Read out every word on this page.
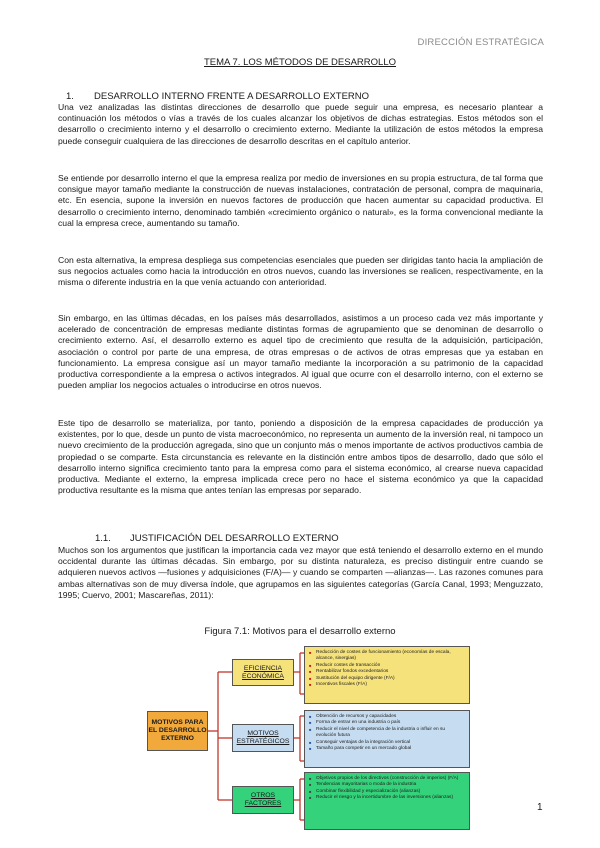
DIRECCIÓN ESTRATÉGICA
TEMA 7. LOS MÉTODOS DE DESARROLLO
1. DESARROLLO INTERNO FRENTE A DESARROLLO EXTERNO
Una vez analizadas las distintas direcciones de desarrollo que puede seguir una empresa, es necesario plantear a continuación los métodos o vías a través de los cuales alcanzar los objetivos de dichas estrategias. Estos métodos son el desarrollo o crecimiento interno y el desarrollo o crecimiento externo. Mediante la utilización de estos métodos la empresa puede conseguir cualquiera de las direcciones de desarrollo descritas en el capítulo anterior.
Se entiende por desarrollo interno el que la empresa realiza por medio de inversiones en su propia estructura, de tal forma que consigue mayor tamaño mediante la construcción de nuevas instalaciones, contratación de personal, compra de maquinaria, etc. En esencia, supone la inversión en nuevos factores de producción que hacen aumentar su capacidad productiva. El desarrollo o crecimiento interno, denominado también «crecimiento orgánico o natural», es la forma convencional mediante la cual la empresa crece, aumentando su tamaño.
Con esta alternativa, la empresa despliega sus competencias esenciales que pueden ser dirigidas tanto hacia la ampliación de sus negocios actuales como hacia la introducción en otros nuevos, cuando las inversiones se realicen, respectivamente, en la misma o diferente industria en la que venía actuando con anterioridad.
Sin embargo, en las últimas décadas, en los países más desarrollados, asistimos a un proceso cada vez más importante y acelerado de concentración de empresas mediante distintas formas de agrupamiento que se denominan de desarrollo o crecimiento externo. Así, el desarrollo externo es aquel tipo de crecimiento que resulta de la adquisición, participación, asociación o control por parte de una empresa, de otras empresas o de activos de otras empresas que ya estaban en funcionamiento. La empresa consigue así un mayor tamaño mediante la incorporación a su patrimonio de la capacidad productiva correspondiente a la empresa o activos integrados. Al igual que ocurre con el desarrollo interno, con el externo se pueden ampliar los negocios actuales o introducirse en otros nuevos.
Este tipo de desarrollo se materializa, por tanto, poniendo a disposición de la empresa capacidades de producción ya existentes, por lo que, desde un punto de vista macroeconómico, no representa un aumento de la inversión real, ni tampoco un nuevo crecimiento de la producción agregada, sino que un conjunto más o menos importante de activos productivos cambia de propiedad o se comparte. Esta circunstancia es relevante en la distinción entre ambos tipos de desarrollo, dado que sólo el desarrollo interno significa crecimiento tanto para la empresa como para el sistema económico, al crearse nueva capacidad productiva. Mediante el externo, la empresa implicada crece pero no hace el sistema económico ya que la capacidad productiva resultante es la misma que antes tenían las empresas por separado.
1.1. JUSTIFICACIÓN DEL DESARROLLO EXTERNO
Muchos son los argumentos que justifican la importancia cada vez mayor que está teniendo el desarrollo externo en el mundo occidental durante las últimas décadas. Sin embargo, por su distinta naturaleza, es preciso distinguir entre cuando se adquieren nuevos activos —fusiones y adquisiciones (F/A)— y cuando se comparten —alianzas—. Las razones comunes para ambas alternativas son de muy diversa índole, que agrupamos en las siguientes categorías (García Canal, 1993; Menguzzato, 1995; Cuervo, 2001; Mascareñas, 2011):
Figura 7.1: Motivos para el desarrollo externo
MOTIVOS PARA EL DESARROLLO EXTERNO
EFICIENCIA ECONÓMICA
MOTIVOS ESTRATÉGICOS
OTROS FACTORES
■ Reducción de costes de funcionamiento (economías de escala, alcance, sinergias)
■ Reducir costes de transacción
■ Rentabilizar fondos excedentarios
■ Sustitución del equipo dirigente (F/A)
■ Incentivos fiscales (F/A)
■ Obtención de recursos y capacidades
■ Forma de entrar en una industria o país
■ Reducir el nivel de competencia de la industria o influir en su evolución futura
■ Conseguir ventajas de la integración vertical
■ Tamaño para competir en un mercado global
■ Objetivos propios de los directivos (construcción de imperios) (F/A)
■ Tendencias mayoritarias o moda de la industria
■ Combinar flexibilidad y especialización (alianzas)
■ Reducir el riesgo y la incertidumbre de las inversiones (alianzas)
1
